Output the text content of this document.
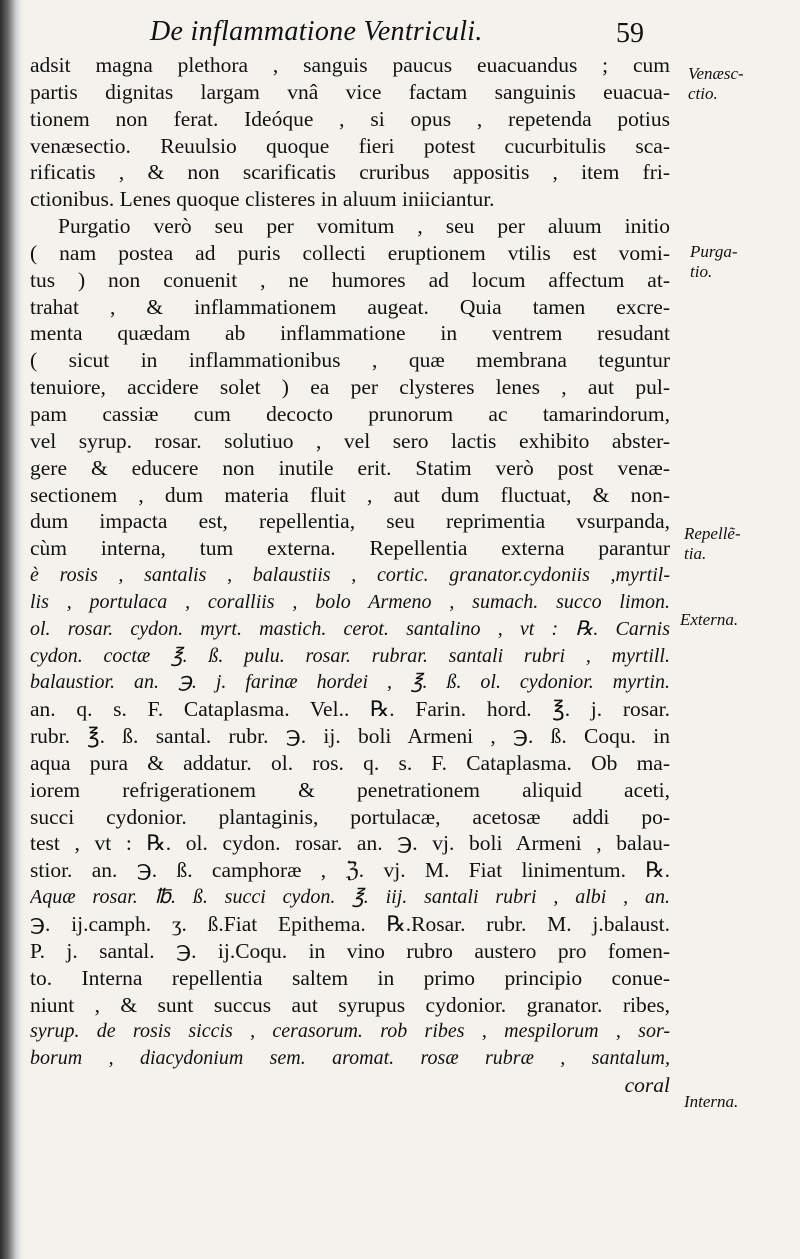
De inflammatione Ventriculi.	59
adsit magna plethora , sanguis paucus euacuandus ; cum
partis dignitas largam vnâ vice factam sanguinis euacua-
tionem non ferat. Ideóque , si opus , repetenda potius
venæsectio. Reuulsio quoque fieri potest cucurbitulis sca-
rificatis , & non scarificatis cruribus appositis , item fri-
ctionibus. Lenes quoque clisteres in aluum iniiciantur.
Purgatio verò seu per vomitum , seu per aluum initio
( nam postea ad puris collecti eruptionem vtilis est vomi-
tus ) non conuenit , ne humores ad locum affectum at-
trahat , & inflammationem augeat. Quia tamen excre-
menta quædam ab inflammatione in ventrem resudant
( sicut in inflammationibus , quæ membrana teguntur
tenuiore, accidere solet ) ea per clysteres lenes , aut pul-
pam cassiæ cum decocto prunorum ac tamarindorum,
vel syrup. rosar. solutiuo , vel sero lactis exhibito abster-
gere & educere non inutile erit. Statim verò post venæ-
sectionem , dum materia fluit , aut dum fluctuat, & non-
dum impacta est, repellentia, seu reprimentia vsurpanda,
cùm interna, tum externa. Repellentia externa parantur
è rosis , santalis , balaustiis , cortic. granator.cydoniis ,myrtil-
lis , portulaca , coralliis , bolo Armeno , sumach. succo limon.
ol. rosar. cydon. myrt. mastich. cerot. santalino , vt : ℞. Carnis
cydon. coctæ ℥. ß. pulu. rosar. rubrar. santali rubri , myrtill.
balaustior. an. ℈. j. farinæ hordei , ℥. ß. ol. cydonior. myrtin.
an. q. s. F. Cataplasma. Vel.. ℞. Farin. hord. ℥. j. rosar.
rubr. ℥. ß. santal. rubr. ℈. ij. boli Armeni , ℈. ß. Coqu. in
aqua pura & addatur. ol. ros. q. s. F. Cataplasma. Ob ma-
iorem refrigerationem & penetrationem aliquid aceti,
succi cydonior. plantaginis, portulacæ, acetosæ addi po-
test , vt : ℞. ol. cydon. rosar. an. ℈. vj. boli Armeni , balau-
stior. an. ℈. ß. camphoræ , ℨ. vj. M. Fiat linimentum. ℞.
Aquæ rosar. ℔. ß. succi cydon. ℥. iij. santali rubri , albi , an.
℈. ij.camph. ʒ. ß.Fiat Epithema. ℞.Rosar. rubr. M. j.balaust.
P. j. santal. ℈. ij.Coqu. in vino rubro austero pro fomen-
to. Interna repellentia saltem in primo principio conue-
niunt , & sunt succus aut syrupus cydonior. granator. ribes,
syrup. de rosis siccis , cerasorum. rob ribes , mespilorum , sor-
borum , diacydonium sem. aromat. rosæ rubræ , santalum,
coral
Venæsc-
ctio.
Purga-
tio.
Repellẽ-
tia.
Externa.
Interna.
